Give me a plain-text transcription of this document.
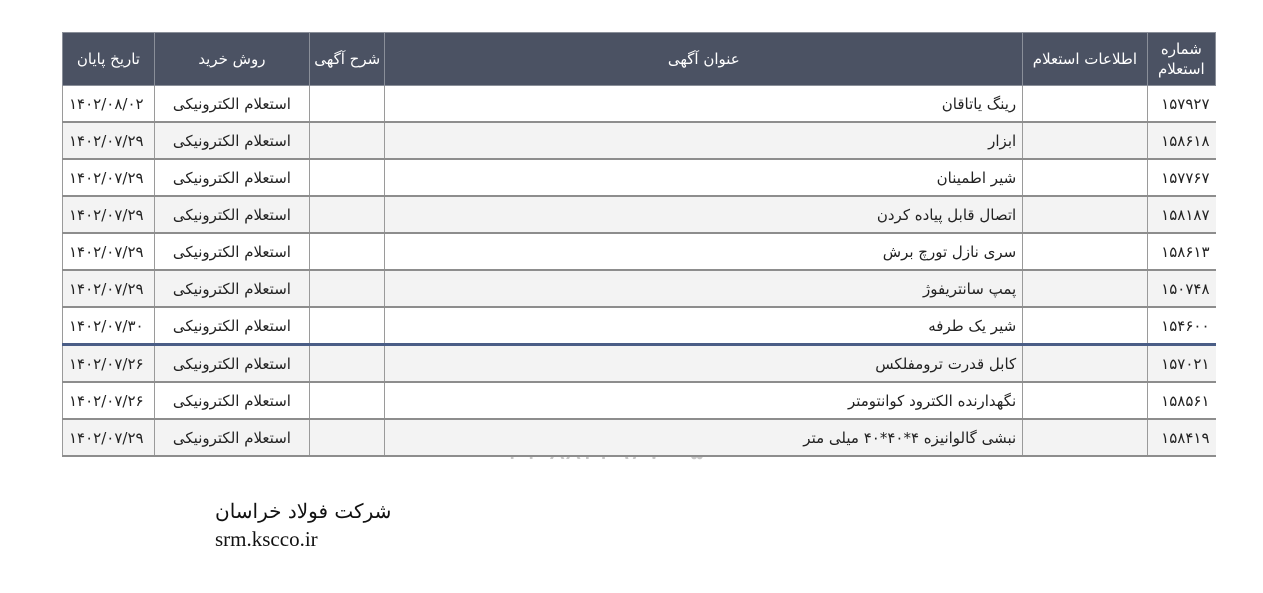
شماره استعلام	اطلاعات استعلام	عنوان آگهی	شرح آگهی	روش خرید	تاریخ پایان
۱۵۷۹۲۷		رینگ یاتاقان		استعلام الکترونیکی	۱۴۰۲/۰۸/۰۲
۱۵۸۶۱۸		ابزار		استعلام الکترونیکی	۱۴۰۲/۰۷/۲۹
۱۵۷۷۶۷		شیر اطمینان		استعلام الکترونیکی	۱۴۰۲/۰۷/۲۹
۱۵۸۱۸۷		اتصال قابل پیاده کردن		استعلام الکترونیکی	۱۴۰۲/۰۷/۲۹
۱۵۸۶۱۳		سری نازل تورچ برش		استعلام الکترونیکی	۱۴۰۲/۰۷/۲۹
۱۵۰۷۴۸		پمپ سانتریفوژ		استعلام الکترونیکی	۱۴۰۲/۰۷/۲۹
۱۵۴۶۰۰		شیر یک طرفه		استعلام الکترونیکی	۱۴۰۲/۰۷/۳۰
۱۵۷۰۲۱		کابل قدرت ترومفلکس		استعلام الکترونیکی	۱۴۰۲/۰۷/۲۶
۱۵۸۵۶۱		نگهدارنده الکترود کوانتومتر		استعلام الکترونیکی	۱۴۰۲/۰۷/۲۶
۱۵۸۴۱۹		نبشی گالوانیزه ۴*۴۰*۴۰ میلی متر		استعلام الکترونیکی	۱۴۰۲/۰۷/۲۹
شرکت فولاد خراسان
srm.kscco.ir
